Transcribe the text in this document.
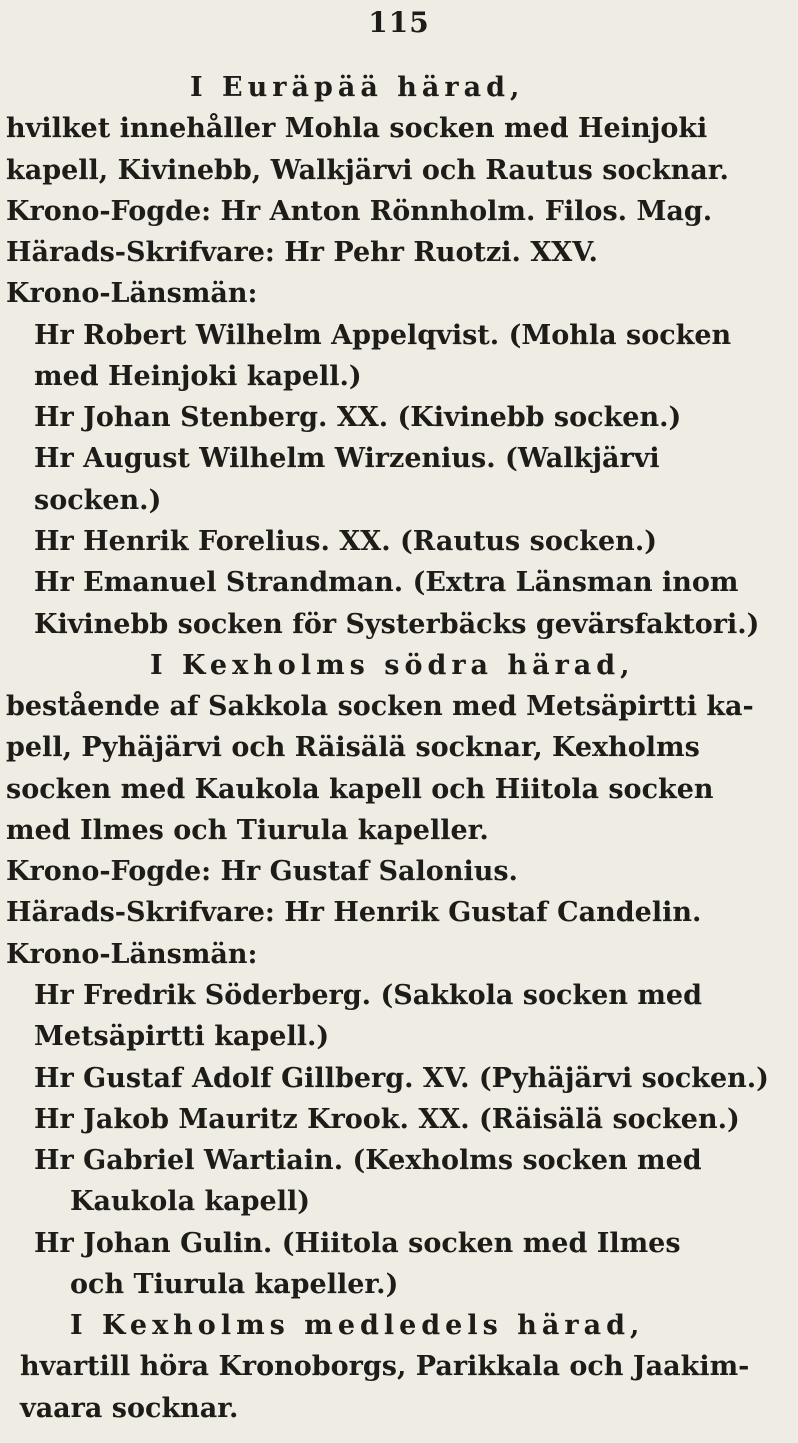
115
I Euräpää härad,
hvilket innehåller Mohla socken med Heinjoki
kapell, Kivinebb, Walkjärvi och Rautus socknar.
Krono-Fogde: Hr Anton Rönnholm. Filos. Mag.
Härads-Skrifvare: Hr Pehr Ruotzi. XXV.
Krono-Länsmän:
Hr Robert Wilhelm Appelqvist. (Mohla socken
med Heinjoki kapell.)
Hr Johan Stenberg. XX. (Kivinebb socken.)
Hr August Wilhelm Wirzenius. (Walkjärvi
socken.)
Hr Henrik Forelius. XX. (Rautus socken.)
Hr Emanuel Strandman. (Extra Länsman inom
Kivinebb socken för Systerbäcks gevärsfaktori.)
I Kexholms södra härad,
bestående af Sakkola socken med Metsäpirtti ka-
pell, Pyhäjärvi och Räisälä socknar, Kexholms
socken med Kaukola kapell och Hiitola socken
med Ilmes och Tiurula kapeller.
Krono-Fogde: Hr Gustaf Salonius.
Härads-Skrifvare: Hr Henrik Gustaf Candelin.
Krono-Länsmän:
Hr Fredrik Söderberg. (Sakkola socken med
Metsäpirtti kapell.)
Hr Gustaf Adolf Gillberg. XV. (Pyhäjärvi socken.)
Hr Jakob Mauritz Krook. XX. (Räisälä socken.)
Hr Gabriel Wartiain. (Kexholms socken med
Kaukola kapell)
Hr Johan Gulin. (Hiitola socken med Ilmes
och Tiurula kapeller.)
I Kexholms medledels härad,
hvartill höra Kronoborgs, Parikkala och Jaakim-
vaara socknar.
